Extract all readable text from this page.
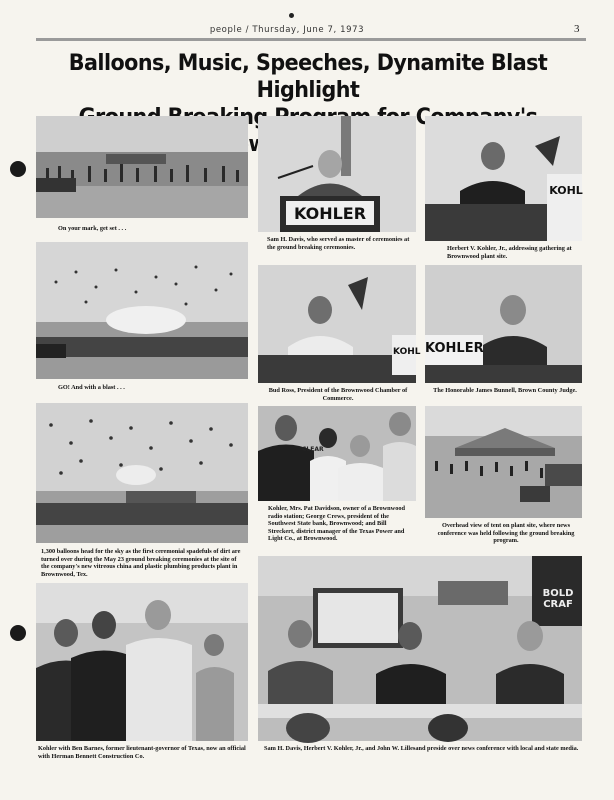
people / Thursday, June 7, 1973	3
Balloons, Music, Speeches, Dynamite Blast Highlight
On your mark, get set . . .
KOHLER
Sam H. Davis, who served as master of ceremonies at the ground breaking ceremonies.
KOHL
Herbert V. Kohler, Jr., addressing gathering at Brownwood plant site.
GO! And with a blast . . .
KOHL
Bud Ross, President of the Brownwood Chamber of Commerce.
KOHLER
The Honorable James Bunnell, Brown County Judge.
1,300 balloons head for the sky as the first ceremonial spadefuls of dirt are turned over during the May 23 ground breaking ceremonies at the site of the company's new vitreous china and plastic plumbing products plant in Brownwood, Tex.
CLEAR
Kohler, Mrs. Pat Davidson, owner of a Brownwood radio station; George Crews, president of the Southwest State bank, Brownwood; and Bill Streckert, district manager of the Texas Power and Light Co., at Brownwood.
Overhead view of tent on plant site, where news conference was held following the ground breaking program.
Kohler with Ben Barnes, former lieutenant-governor of Texas, now an official with Herman Bennett Construction Co.
BOLD CRAF
Sam H. Davis, Herbert V. Kohler, Jr., and John W. Lillesand preside over news conference with local and state media.
